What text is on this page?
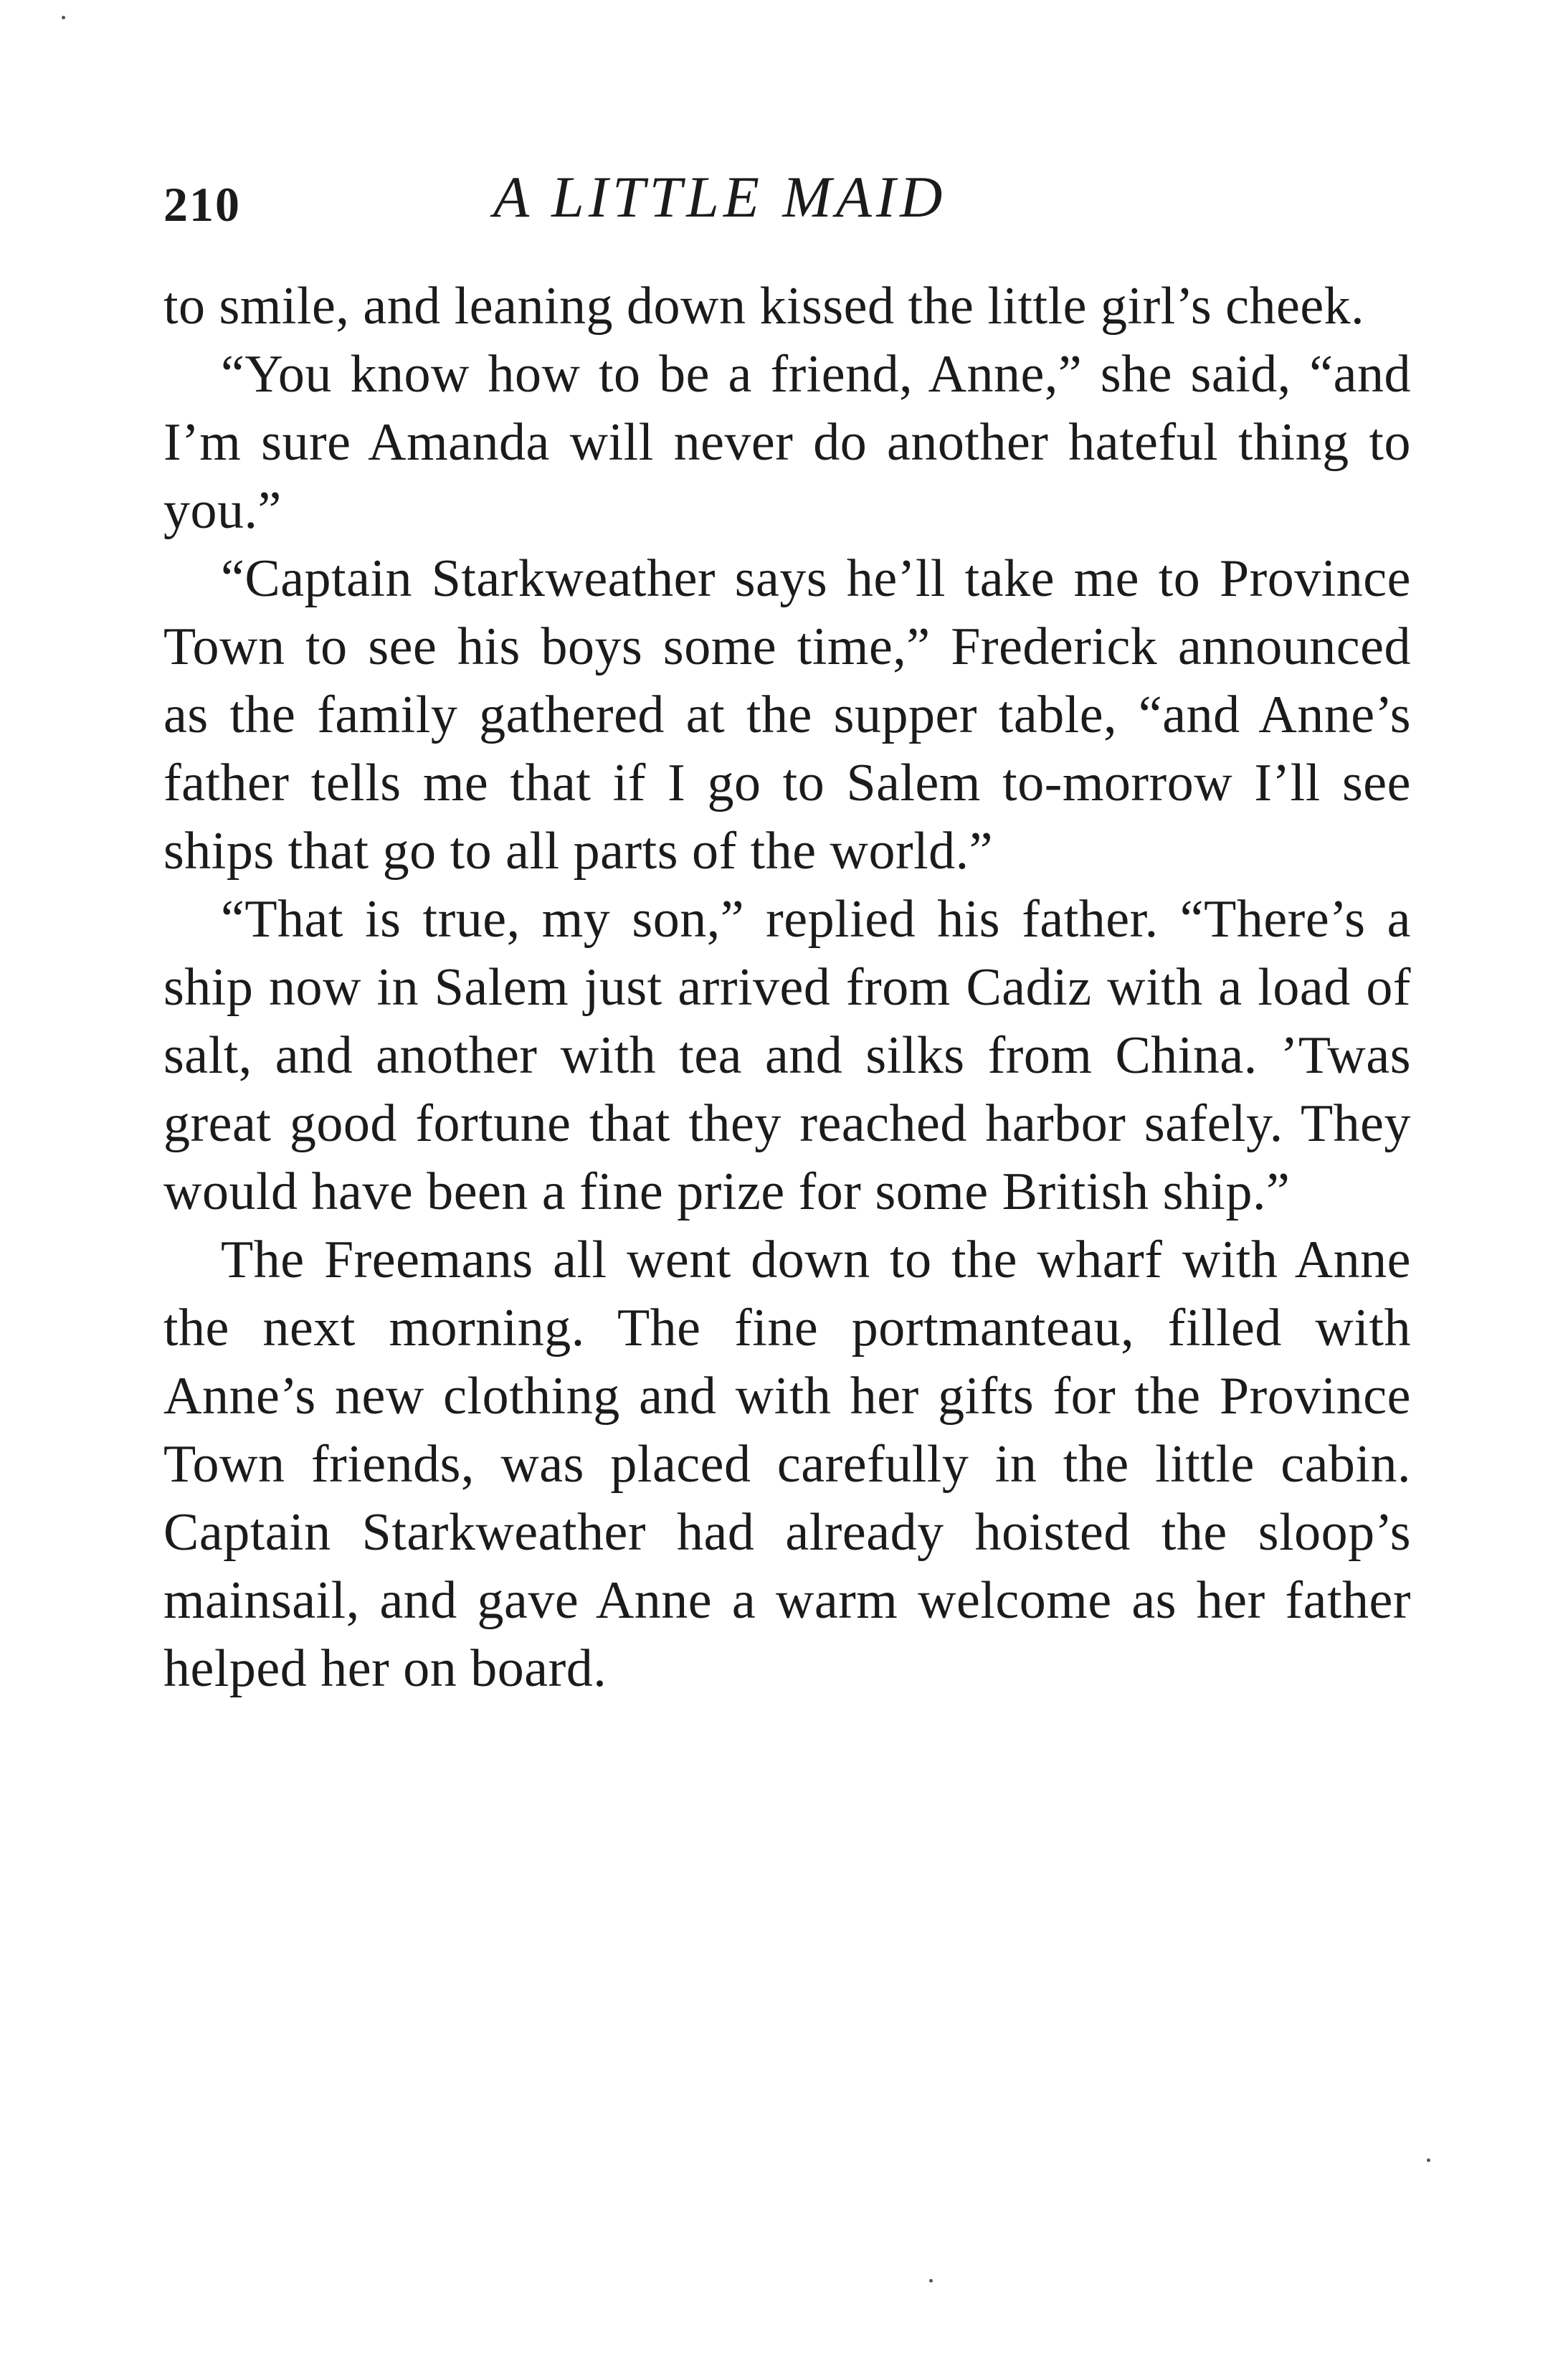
210	A LITTLE MAID

to smile, and leaning down kissed the little girl’s cheek.

“You know how to be a friend, Anne,” she said, “and I’m sure Amanda will never do another hateful thing to you.”

“Captain Starkweather says he’ll take me to Province Town to see his boys some time,” Frederick announced as the family gathered at the supper table, “and Anne’s father tells me that if I go to Salem to-morrow I’ll see ships that go to all parts of the world.”

“That is true, my son,” replied his father. “There’s a ship now in Salem just arrived from Cadiz with a load of salt, and another with tea and silks from China. ’Twas great good fortune that they reached harbor safely. They would have been a fine prize for some British ship.”

The Freemans all went down to the wharf with Anne the next morning. The fine portmanteau, filled with Anne’s new clothing and with her gifts for the Province Town friends, was placed carefully in the little cabin. Captain Starkweather had already hoisted the sloop’s mainsail, and gave Anne a warm welcome as her father helped her on board.
